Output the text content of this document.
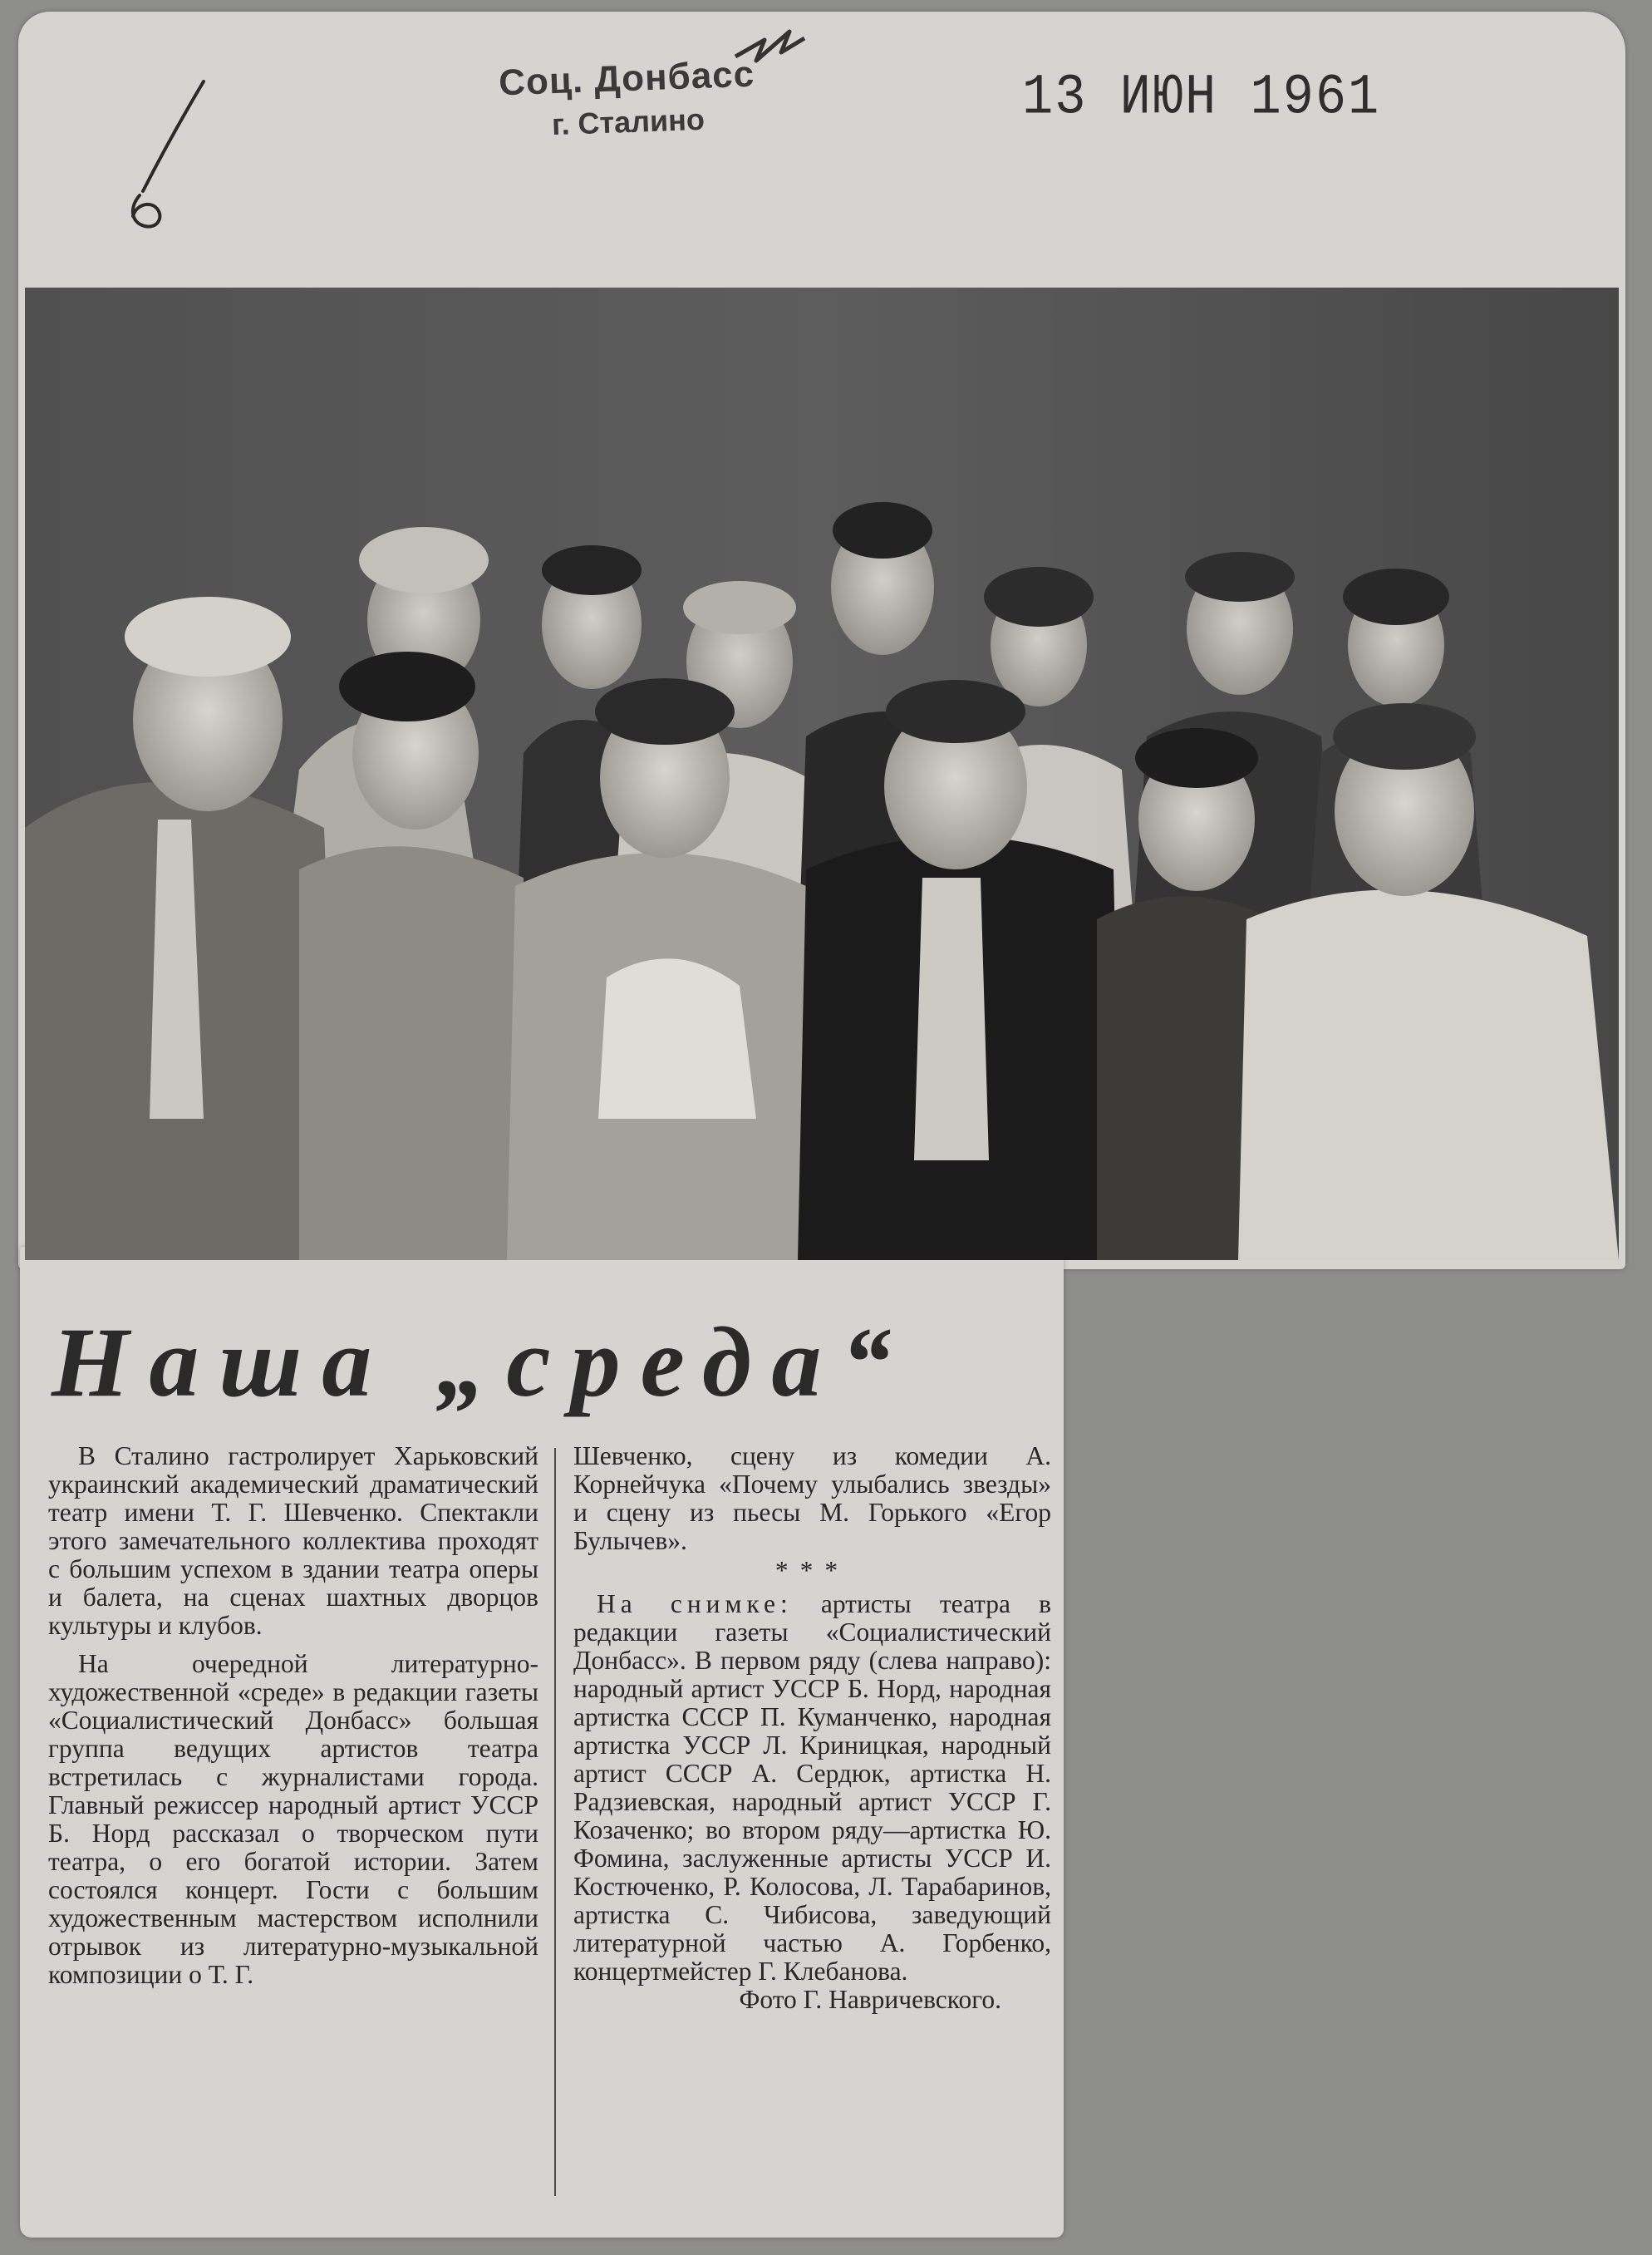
Соц. Донбасс
г. Сталино	13 ИЮН 1961
Наша „среда“

В Сталино гастролирует Харьковский украинский академический драматический театр имени Т. Г. Шевченко. Спектакли этого замечательного коллектива проходят с большим успехом в здании театра оперы и балета, на сценах шахтных дворцов культуры и клубов.

На очередной литературно-художественной «среде» в редакции газеты «Социалистический Донбасс» большая группа ведущих артистов театра встретилась с журналистами города. Главный режиссер народный артист УССР Б. Норд рассказал о творческом пути театра, о его богатой истории. Затем состоялся концерт. Гости с большим художественным мастерством исполнили отрывок из литературно-музыкальной композиции о Т. Г.

Шевченко, сцену из комедии А. Корнейчука «Почему улыбались звезды» и сцену из пьесы М. Горького «Егор Булычев».

***

На снимке: артисты театра в редакции газеты «Социалистический Донбасс». В первом ряду (слева направо): народный артист УССР Б. Норд, народная артистка СССР П. Куманченко, народная артистка УССР Л. Криницкая, народный артист СССР А. Сердюк, артистка Н. Радзиевская, народный артист УССР Г. Козаченко; во втором ряду—артистка Ю. Фомина, заслуженные артисты УССР И. Костюченко, Р. Колосова, Л. Тарабаринов, артистка С. Чибисова, заведующий литературной частью А. Горбенко, концертмейстер Г. Клебанова.

Фото Г. Навричевского.
